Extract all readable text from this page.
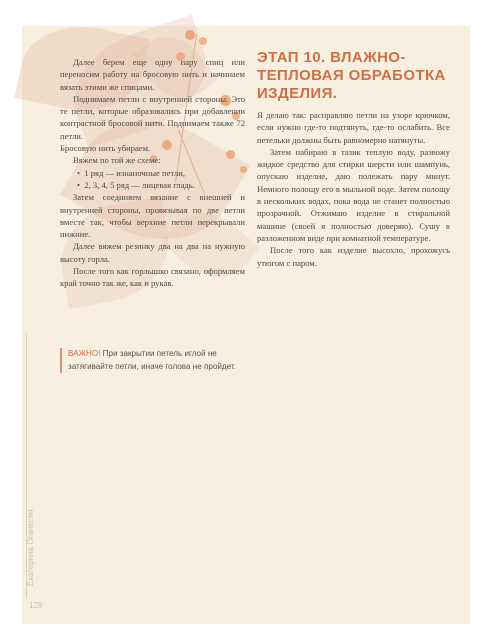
Далее берем еще одну пару спиц или переносим работу на бросовую нить и начинаем вязать этими же спицами.

Поднимаем петли с внутренней стороны. Это те петли, которые образовались при добавлении контрастной бросовой нити. Поднимаем также 72 петли.

Бросовую нить убираем.

Вяжем по той же схеме:

•  1 ряд — изнаночные петли,
•  2, 3, 4, 5 ряд — лицевая гладь.

Затем соединяем вязание с внешней и внутренней стороны, провязывая по две петли вместе так, чтобы верхние петли перекрывали нижние.

Далее вяжем резинку два на два на нужную высоту горла.

После того как горлышко связано, оформляем край точно так же, как и рукав.

ВАЖНО! При закрытии петель иглой не затягивайте петли, иначе голова не пройдет.
ЭТАП 10. ВЛАЖНО-ТЕПЛОВАЯ ОБРАБОТКА ИЗДЕЛИЯ.

Я делаю так: расправляю петли на узоре крючком, если нужно где-то подтянуть, где-то ослабить. Все петельки должны быть равномерно натянуты.

Затем набираю в тазик теплую воду, развожу жидкое средство для стирки шерсти или шампунь, опускаю изделие, даю полежать пару минут. Немного полощу его в мыльной воде. Затем полощу в нескольких водах, пока вода не станет полностью прозрачной. Отжимаю изделие в стиральной машине (своей я полностью доверяю). Сушу в разложенном виде при комнатной температуре.

После того как изделие высохло, прохожусь утюгом с паром.

Екатерина Оганесян
128
